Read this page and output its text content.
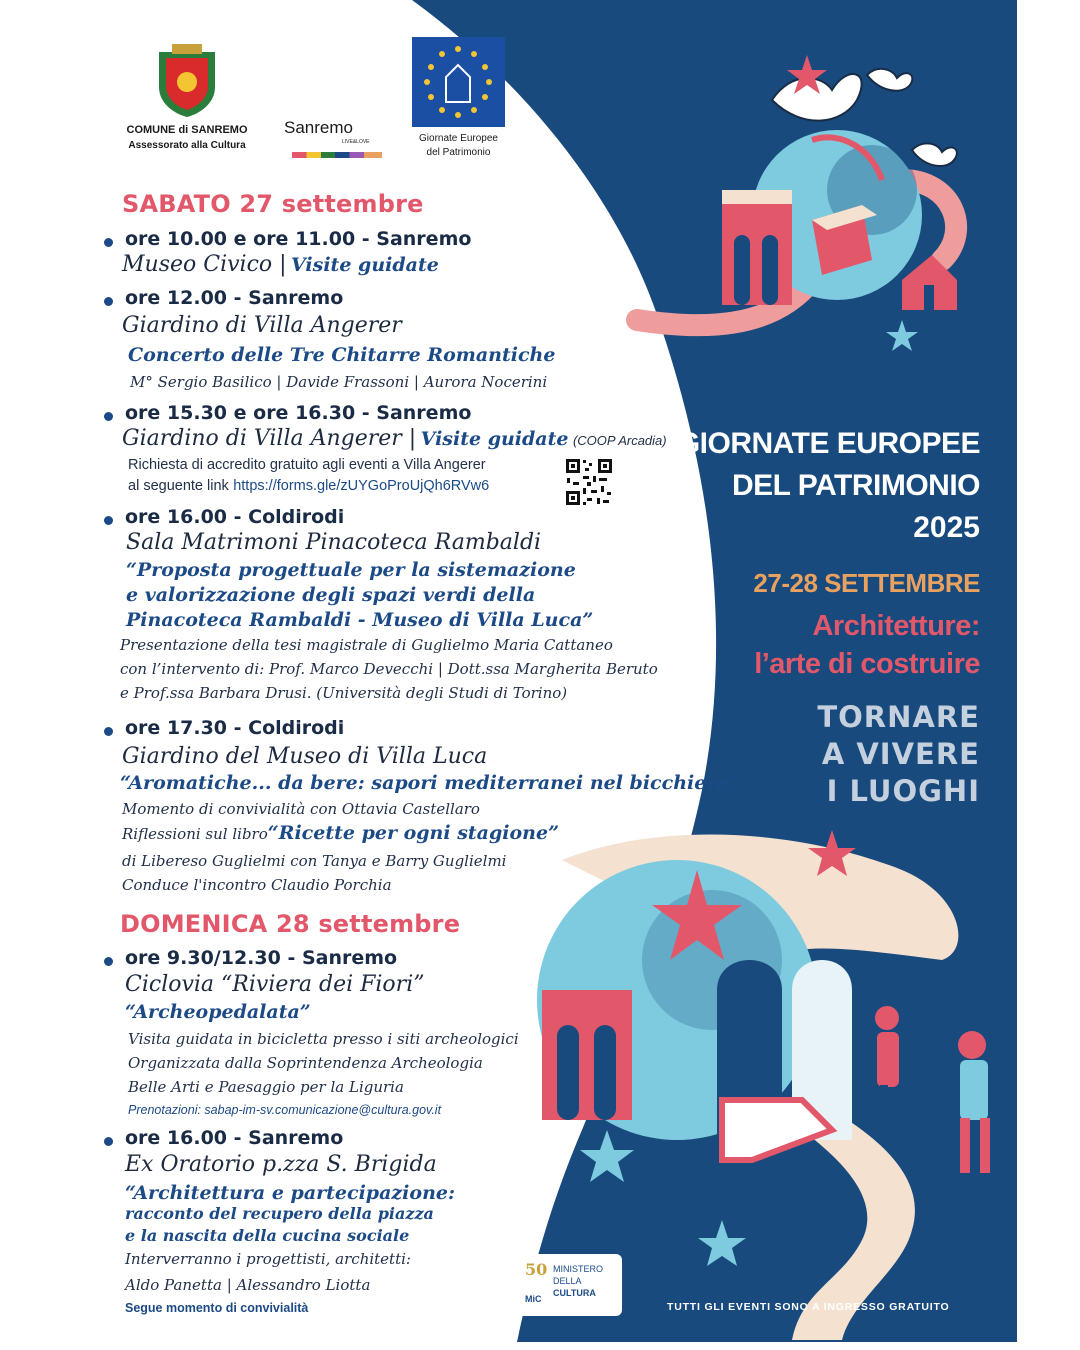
COMUNE di SANREMO
Assessorato alla Cultura
Sanremo
LIVE&LOVE	Giornate Europee
del Patrimonio
SABATO 27 settembre
ore 10.00 e ore 11.00 - Sanremo
Museo Civico | Visite guidate
ore 12.00 - Sanremo
Giardino di Villa Angerer
Concerto delle Tre Chitarre Romantiche
M° Sergio Basilico | Davide Frassoni | Aurora Nocerini
ore 15.30 e ore 16.30 - Sanremo
Giardino di Villa Angerer | Visite guidate (COOP Arcadia)
Richiesta di accredito gratuito agli eventi a Villa Angerer
al seguente link https://forms.gle/zUYGoProUjQh6RVw6
ore 16.00 - Coldirodi
Sala Matrimoni Pinacoteca Rambaldi
“Proposta progettuale per la sistemazione
e valorizzazione degli spazi verdi della
Pinacoteca Rambaldi - Museo di Villa Luca”
Presentazione della tesi magistrale di Guglielmo Maria Cattaneo
con l’intervento di: Prof. Marco Devecchi | Dott.ssa Margherita Beruto
e Prof.ssa Barbara Drusi. (Università degli Studi di Torino)
ore 17.30 - Coldirodi
Giardino del Museo di Villa Luca
“Aromatiche... da bere: sapori mediterranei nel bicchiere”
Momento di convivialità con Ottavia Castellaro
Riflessioni sul libro“Ricette per ogni stagione”
di Libereso Guglielmi con Tanya e Barry Guglielmi
Conduce l'incontro Claudio Porchia
DOMENICA 28 settembre
ore 9.30/12.30 - Sanremo
Ciclovia “Riviera dei Fiori”
“Archeopedalata”
Visita guidata in bicicletta presso i siti archeologici
Organizzata dalla Soprintendenza Archeologia
Belle Arti e Paesaggio per la Liguria
Prenotazioni: sabap-im-sv.comunicazione@cultura.gov.it
ore 16.00 - Sanremo
Ex Oratorio p.zza S. Brigida
“Architettura e partecipazione:
racconto del recupero della piazza
e la nascita della cucina sociale
Interverranno i progettisti, architetti:
Aldo Panetta | Alessandro Liotta
Segue momento di convivialità
50 MINISTERO
DELLA
CULTURA
MiC
GIORNATE EUROPEE
DEL PATRIMONIO
2025
27-28 SETTEMBRE
Architetture:
l’arte di costruire
TORNARE
A VIVERE
I LUOGHI
TUTTI GLI EVENTI SONO A INGRESSO GRATUITO
